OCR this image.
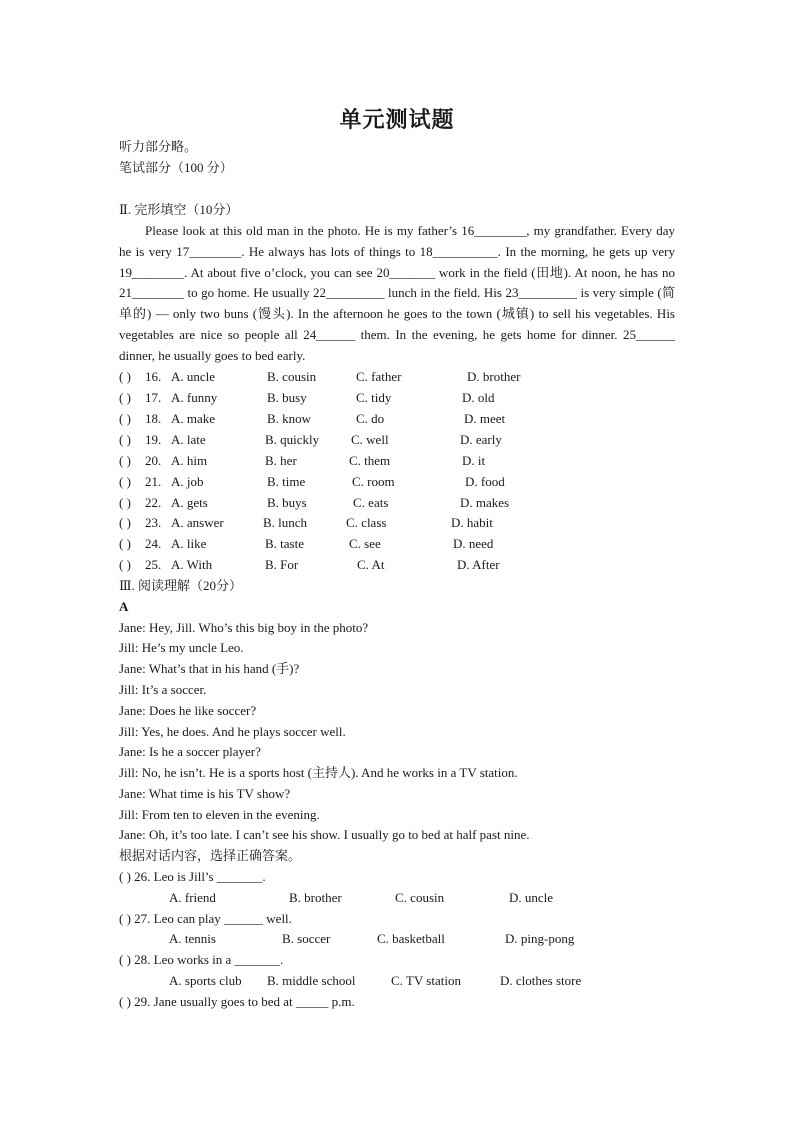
单元测试题
听力部分略。
笔试部分（100 分）
Ⅱ. 完形填空（10分）
Please look at this old man in the photo. He is my father’s 16________, my grandfather. Every day he is very 17________. He always has lots of things to 18__________. In the morning, he gets up very 19________. At about five o’clock, you can see 20_______ work in the field (田地). At noon, he has no 21________ to go home. He usually 22_________ lunch in the field. His 23_________ is very simple (简单的) — only two buns (馒头). In the afternoon he goes to the town (城镇) to sell his vegetables. His vegetables are nice so people all 24______ them. In the evening, he gets home for dinner. 25______ dinner, he usually goes to bed early.
( ) 16. A. uncle	B. cousin	C. father	D. brother
( ) 17. A. funny	B. busy	C. tidy	D. old
( ) 18. A. make	B. know	C. do	D. meet
( ) 19. A. late	B. quickly C. well	D. early
( ) 20. A. him	B. her	C. them	D. it
( ) 21. A. job	B. time	C. room	D. food
( ) 22. A. gets	B. buys	C. eats	D. makes
( ) 23. A. answer	B. lunch	C. class	D. habit
( ) 24. A. like	B. taste	C. see	D. need
( ) 25. A. With	B. For	C. At	D. After
Ⅲ. 阅读理解（20分）
A
Jane: Hey, Jill. Who’s this big boy in the photo?
Jill: He’s my uncle Leo.
Jane: What’s that in his hand (手)?
Jill: It’s a soccer.
Jane: Does he like soccer?
Jill: Yes, he does. And he plays soccer well.
Jane: Is he a soccer player?
Jill: No, he isn’t. He is a sports host (主持人). And he works in a TV station.
Jane: What time is his TV show?
Jill: From ten to eleven in the evening.
Jane: Oh, it’s too late. I can’t see his show. I usually go to bed at half past nine.
根据对话内容，选择正确答案。
( ) 26. Leo is Jill’s _______.
A. friend	B. brother	C. cousin	D. uncle
( ) 27. Leo can play ______ well.
A. tennis	B. soccer	C. basketball	D. ping-pong
( ) 28. Leo works in a _______.
A. sports club B. middle school	C. TV station	D. clothes store
( ) 29. Jane usually goes to bed at _____ p.m.
